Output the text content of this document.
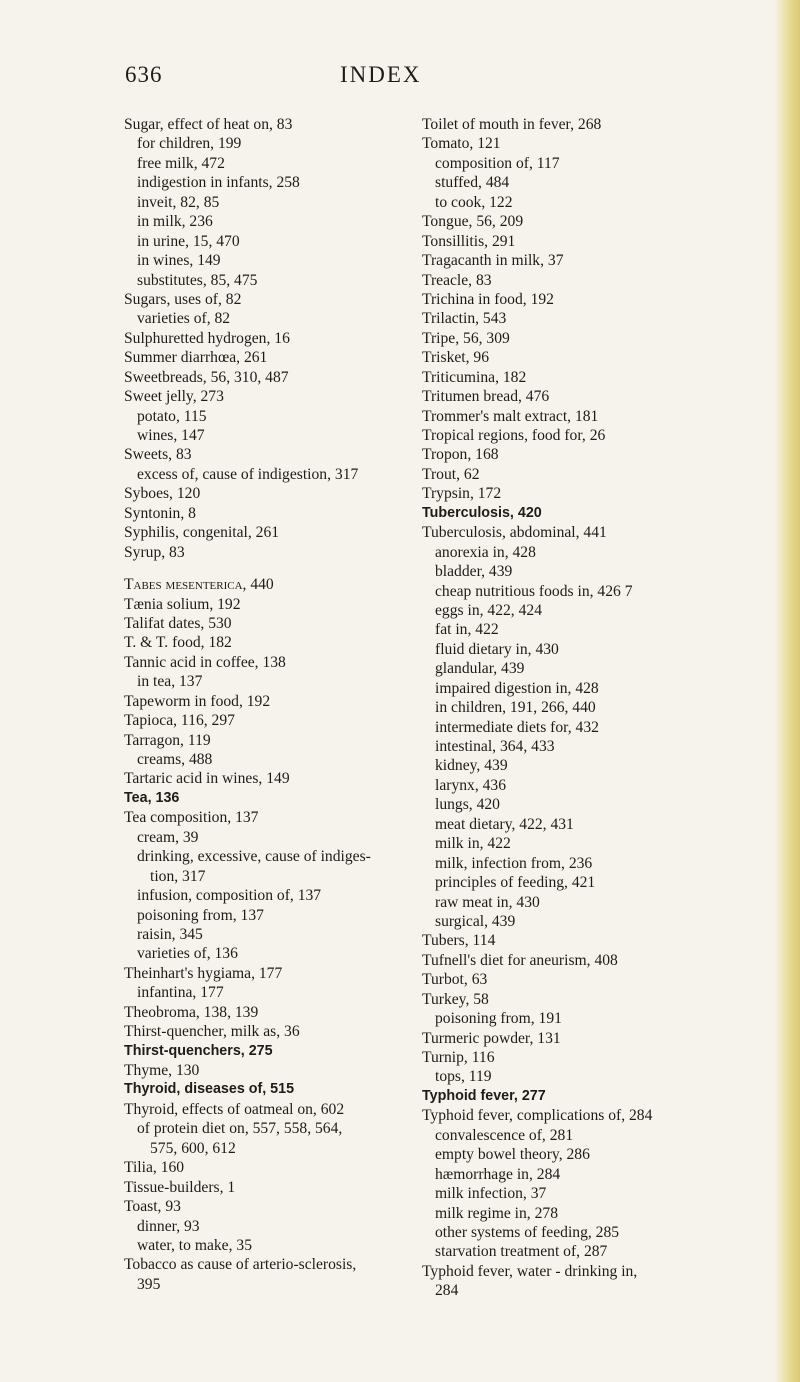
636	INDEX
Sugar, effect of heat on, 83
for children, 199
free milk, 472
indigestion in infants, 258
inveit, 82, 85
in milk, 236
in urine, 15, 470
in wines, 149
substitutes, 85, 475
Sugars, uses of, 82
varieties of, 82
Sulphuretted hydrogen, 16
Summer diarrhœa, 261
Sweetbreads, 56, 310, 487
Sweet jelly, 273
potato, 115
wines, 147
Sweets, 83
excess of, cause of indigestion, 317
Syboes, 120
Syntonin, 8
Syphilis, congenital, 261
Syrup, 83
Tabes mesenterica, 440
Tænia solium, 192
Talifat dates, 530
T. & T. food, 182
Tannic acid in coffee, 138
in tea, 137
Tapeworm in food, 192
Tapioca, 116, 297
Tarragon, 119
creams, 488
Tartaric acid in wines, 149
Tea, 136
Tea composition, 137
cream, 39
drinking, excessive, cause of indiges-
tion, 317
infusion, composition of, 137
poisoning from, 137
raisin, 345
varieties of, 136
Theinhart's hygiama, 177
infantina, 177
Theobroma, 138, 139
Thirst-quencher, milk as, 36
Thirst-quenchers, 275
Thyme, 130
Thyroid, diseases of, 515
Thyroid, effects of oatmeal on, 602
of protein diet on, 557, 558, 564,
575, 600, 612
Tilia, 160
Tissue-builders, 1
Toast, 93
dinner, 93
water, to make, 35
Tobacco as cause of arterio-sclerosis,
395
Toilet of mouth in fever, 268
Tomato, 121
composition of, 117
stuffed, 484
to cook, 122
Tongue, 56, 209
Tonsillitis, 291
Tragacanth in milk, 37
Treacle, 83
Trichina in food, 192
Trilactin, 543
Tripe, 56, 309
Trisket, 96
Triticumina, 182
Tritumen bread, 476
Trommer's malt extract, 181
Tropical regions, food for, 26
Tropon, 168
Trout, 62
Trypsin, 172
Tuberculosis, 420
Tuberculosis, abdominal, 441
anorexia in, 428
bladder, 439
cheap nutritious foods in, 426 7
eggs in, 422, 424
fat in, 422
fluid dietary in, 430
glandular, 439
impaired digestion in, 428
in children, 191, 266, 440
intermediate diets for, 432
intestinal, 364, 433
kidney, 439
larynx, 436
lungs, 420
meat dietary, 422, 431
milk in, 422
milk, infection from, 236
principles of feeding, 421
raw meat in, 430
surgical, 439
Tubers, 114
Tufnell's diet for aneurism, 408
Turbot, 63
Turkey, 58
poisoning from, 191
Turmeric powder, 131
Turnip, 116
tops, 119
Typhoid fever, 277
Typhoid fever, complications of, 284
convalescence of, 281
empty bowel theory, 286
hæmorrhage in, 284
milk infection, 37
milk regime in, 278
other systems of feeding, 285
starvation treatment of, 287
Typhoid fever, water - drinking in,
284
